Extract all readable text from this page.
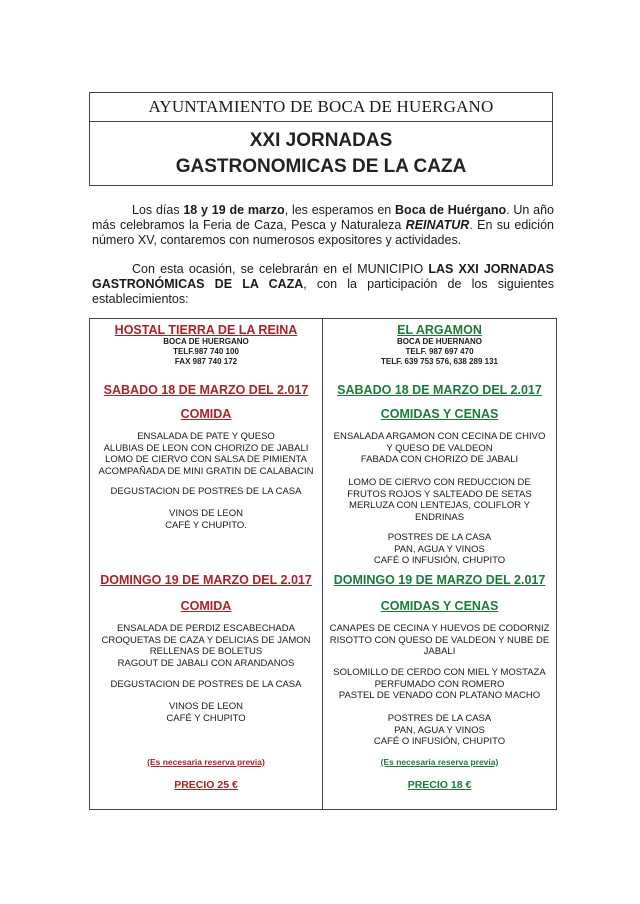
AYUNTAMIENTO DE BOCA DE HUERGANO
XXI JORNADAS
GASTRONOMICAS DE LA CAZA

Los días 18 y 19 de marzo, les esperamos en Boca de Huérgano. Un año más celebramos la Feria de Caza, Pesca y Naturaleza REINATUR. En su edición número XV, contaremos con numerosos expositores y actividades.

Con esta ocasión, se celebrarán en el MUNICIPIO LAS XXI JORNADAS GASTRONÓMICAS DE LA CAZA, con la participación de los siguientes establecimientos:

HOSTAL TIERRA DE LA REINA
BOCA DE HUERGANO
TELF.987 740 100
FAX 987 740 172
SABADO 18 DE MARZO DEL 2.017
COMIDA
ENSALADA DE PATE Y QUESO
ALUBIAS DE LEON CON CHORIZO DE JABALI
LOMO DE CIERVO CON SALSA DE PIMIENTA
ACOMPAÑADA DE MINI GRATIN DE CALABACIN
DEGUSTACION DE POSTRES DE LA CASA
VINOS DE LEON
CAFÉ Y CHUPITO.
DOMINGO 19 DE MARZO DEL 2.017
COMIDA
ENSALADA DE PERDIZ ESCABECHADA
CROQUETAS DE CAZA Y DELICIAS DE JAMON
RELLENAS DE BOLETUS
RAGOUT DE JABALI CON ARANDANOS
DEGUSTACION DE POSTRES DE LA CASA
VINOS DE LEON
CAFÉ Y CHUPITO
(Es necesaria reserva previa)
PRECIO 25 €
EL ARGAMON
BOCA DE HUERNANO
TELF. 987 697 470
TELF. 639 753 576, 638 289 131
SABADO 18 DE MARZO DEL 2.017
COMIDAS Y CENAS
ENSALADA ARGAMON CON CECINA DE CHIVO
Y QUESO DE VALDEON
FABADA CON CHORIZO DE JABALI
LOMO DE CIERVO CON REDUCCION DE
FRUTOS ROJOS Y SALTEADO DE SETAS
MERLUZA CON LENTEJAS, COLIFLOR Y
ENDRINAS
POSTRES DE LA CASA
PAN, AGUA Y VINOS
CAFÉ O INFUSIÓN, CHUPITO
DOMINGO 19 DE MARZO DEL 2.017
COMIDAS Y CENAS
CANAPES DE CECINA Y HUEVOS DE CODORNIZ
RISOTTO CON QUESO DE VALDEON Y NUBE DE
JABALI
SOLOMILLO DE CERDO CON MIEL Y MOSTAZA
PERFUMADO CON ROMERO
PASTEL DE VENADO CON PLATANO MACHO
POSTRES DE LA CASA
PAN, AGUA Y VINOS
CAFÉ O INFUSIÓN, CHUPITO
(Es necesaria reserva previa)
PRECIO 18 €
